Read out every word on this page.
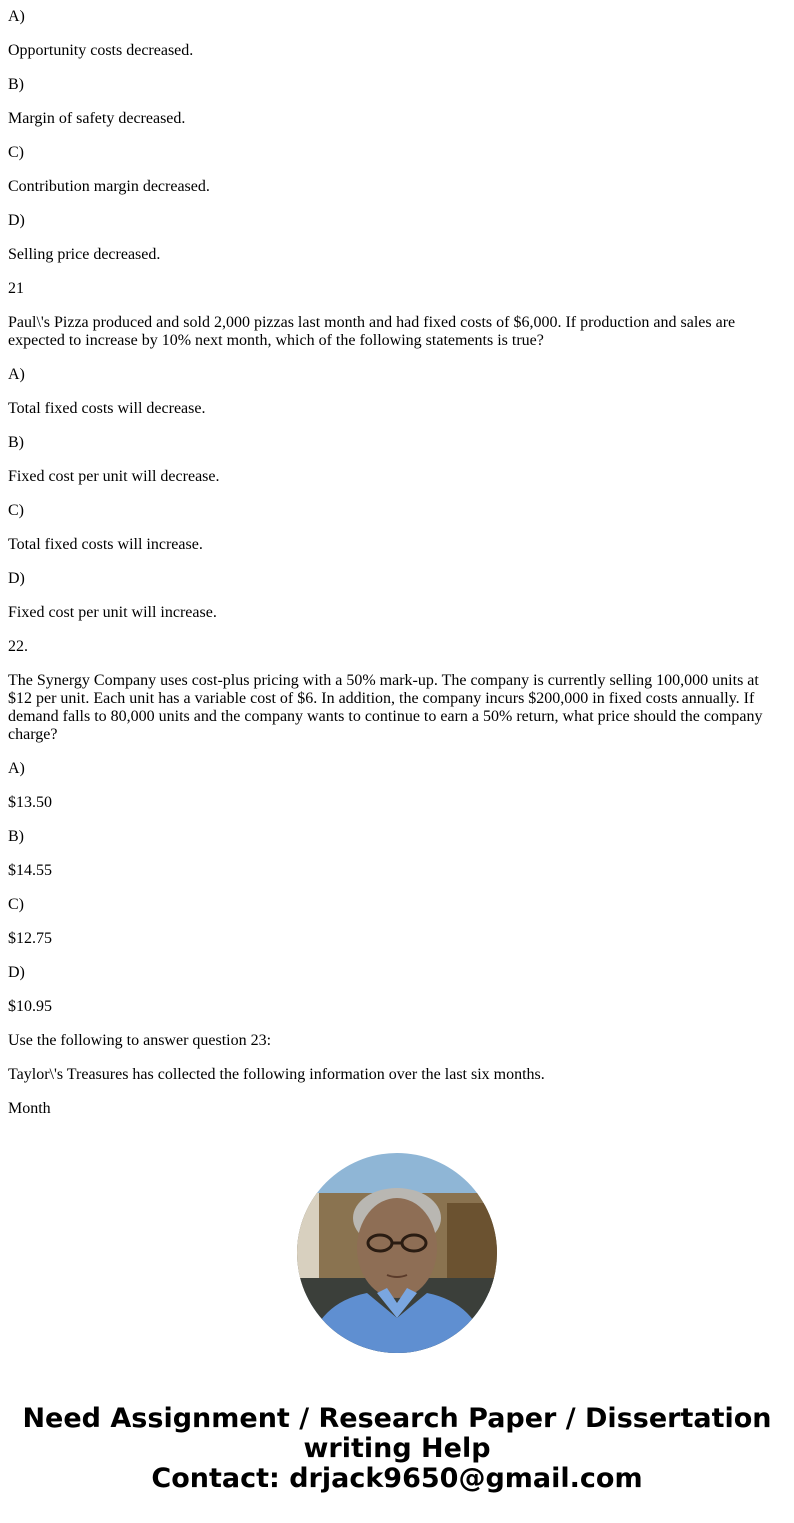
A)

Opportunity costs decreased.

B)

Margin of safety decreased.

C)

Contribution margin decreased.

D)

Selling price decreased.

21

Paul\'s Pizza produced and sold 2,000 pizzas last month and had fixed costs of $6,000. If production and sales are expected to increase by 10% next month, which of the following statements is true?

A)

Total fixed costs will decrease.

B)

Fixed cost per unit will decrease.

C)

Total fixed costs will increase.

D)

Fixed cost per unit will increase.

22.

The Synergy Company uses cost-plus pricing with a 50% mark-up. The company is currently selling 100,000 units at $12 per unit. Each unit has a variable cost of $6. In addition, the company incurs $200,000 in fixed costs annually. If demand falls to 80,000 units and the company wants to continue to earn a 50% return, what price should the company charge?

A)

$13.50

B)

$14.55

C)

$12.75

D)

$10.95

Use the following to answer question 23:

Taylor\'s Treasures has collected the following information over the last six months.

Month

Need Assignment / Research Paper / Dissertation
writing Help
Contact: drjack9650@gmail.com
